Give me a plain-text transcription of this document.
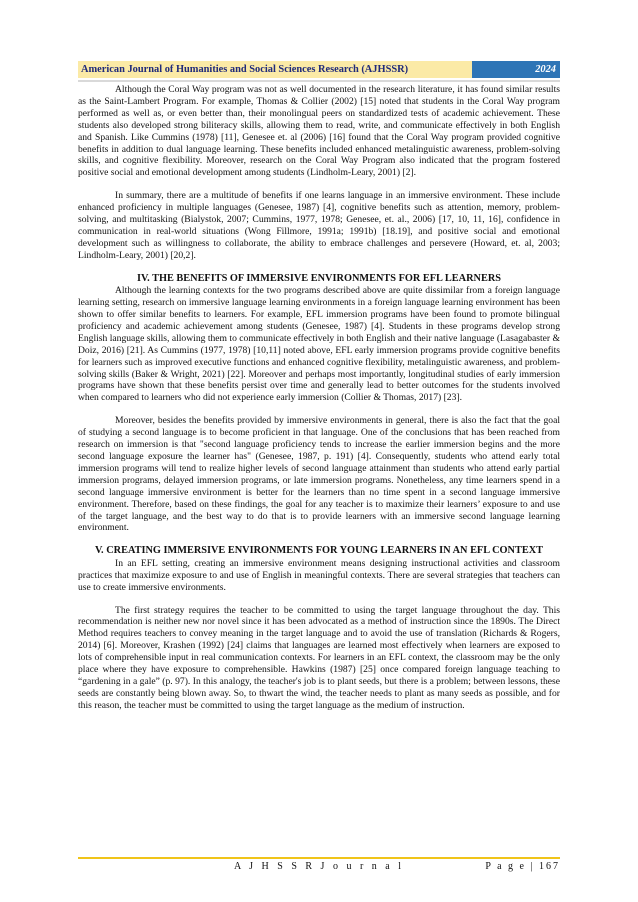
American Journal of Humanities and Social Sciences Research (AJHSSR)	2024

Although the Coral Way program was not as well documented in the research literature, it has found similar results as the Saint-Lambert Program. For example, Thomas & Collier (2002) [15] noted that students in the Coral Way program performed as well as, or even better than, their monolingual peers on standardized tests of academic achievement. These students also developed strong biliteracy skills, allowing them to read, write, and communicate effectively in both English and Spanish. Like Cummins (1978) [11], Genesee et. al (2006) [16] found that the Coral Way program provided cognitive benefits in addition to dual language learning. These benefits included enhanced metalinguistic awareness, problem-solving skills, and cognitive flexibility. Moreover, research on the Coral Way Program also indicated that the program fostered positive social and emotional development among students (Lindholm-Leary, 2001) [2].

In summary, there are a multitude of benefits if one learns language in an immersive environment. These include enhanced proficiency in multiple languages (Genesee, 1987) [4], cognitive benefits such as attention, memory, problem-solving, and multitasking (Bialystok, 2007; Cummins, 1977, 1978; Genesee, et. al., 2006) [17, 10, 11, 16], confidence in communication in real-world situations (Wong Fillmore, 1991a; 1991b) [18.19], and positive social and emotional development such as willingness to collaborate, the ability to embrace challenges and persevere (Howard, et. al, 2003; Lindholm-Leary, 2001) [20,2].

IV. THE BENEFITS OF IMMERSIVE ENVIRONMENTS FOR EFL LEARNERS

Although the learning contexts for the two programs described above are quite dissimilar from a foreign language learning setting, research on immersive language learning environments in a foreign language learning environment has been shown to offer similar benefits to learners. For example, EFL immersion programs have been found to promote bilingual proficiency and academic achievement among students (Genesee, 1987) [4]. Students in these programs develop strong English language skills, allowing them to communicate effectively in both English and their native language (Lasagabaster & Doiz, 2016) [21]. As Cummins (1977, 1978) [10,11] noted above, EFL early immersion programs provide cognitive benefits for learners such as improved executive functions and enhanced cognitive flexibility, metalinguistic awareness, and problem-solving skills (Baker & Wright, 2021) [22]. Moreover and perhaps most importantly, longitudinal studies of early immersion programs have shown that these benefits persist over time and generally lead to better outcomes for the students involved when compared to learners who did not experience early immersion (Collier & Thomas, 2017) [23].

Moreover, besides the benefits provided by immersive environments in general, there is also the fact that the goal of studying a second language is to become proficient in that language. One of the conclusions that has been reached from research on immersion is that "second language proficiency tends to increase the earlier immersion begins and the more second language exposure the learner has" (Genesee, 1987, p. 191) [4]. Consequently, students who attend early total immersion programs will tend to realize higher levels of second language attainment than students who attend early partial immersion programs, delayed immersion programs, or late immersion programs. Nonetheless, any time learners spend in a second language immersive environment is better for the learners than no time spent in a second language immersive environment. Therefore, based on these findings, the goal for any teacher is to maximize their learners’ exposure to and use of the target language, and the best way to do that is to provide learners with an immersive second language learning environment.

V. CREATING IMMERSIVE ENVIRONMENTS FOR YOUNG LEARNERS IN AN EFL CONTEXT

In an EFL setting, creating an immersive environment means designing instructional activities and classroom practices that maximize exposure to and use of English in meaningful contexts. There are several strategies that teachers can use to create immersive environments.

The first strategy requires the teacher to be committed to using the target language throughout the day. This recommendation is neither new nor novel since it has been advocated as a method of instruction since the 1890s. The Direct Method requires teachers to convey meaning in the target language and to avoid the use of translation (Richards & Rogers, 2014) [6]. Moreover, Krashen (1992) [24] claims that languages are learned most effectively when learners are exposed to lots of comprehensible input in real communication contexts. For learners in an EFL context, the classroom may be the only place where they have exposure to comprehensible. Hawkins (1987) [25] once compared foreign language teaching to “gardening in a gale” (p. 97). In this analogy, the teacher's job is to plant seeds, but there is a problem; between lessons, these seeds are constantly being blown away. So, to thwart the wind, the teacher needs to plant as many seeds as possible, and for this reason, the teacher must be committed to using the target language as the medium of instruction.

A J H S S R J o u r n a l	P a g e | 167
